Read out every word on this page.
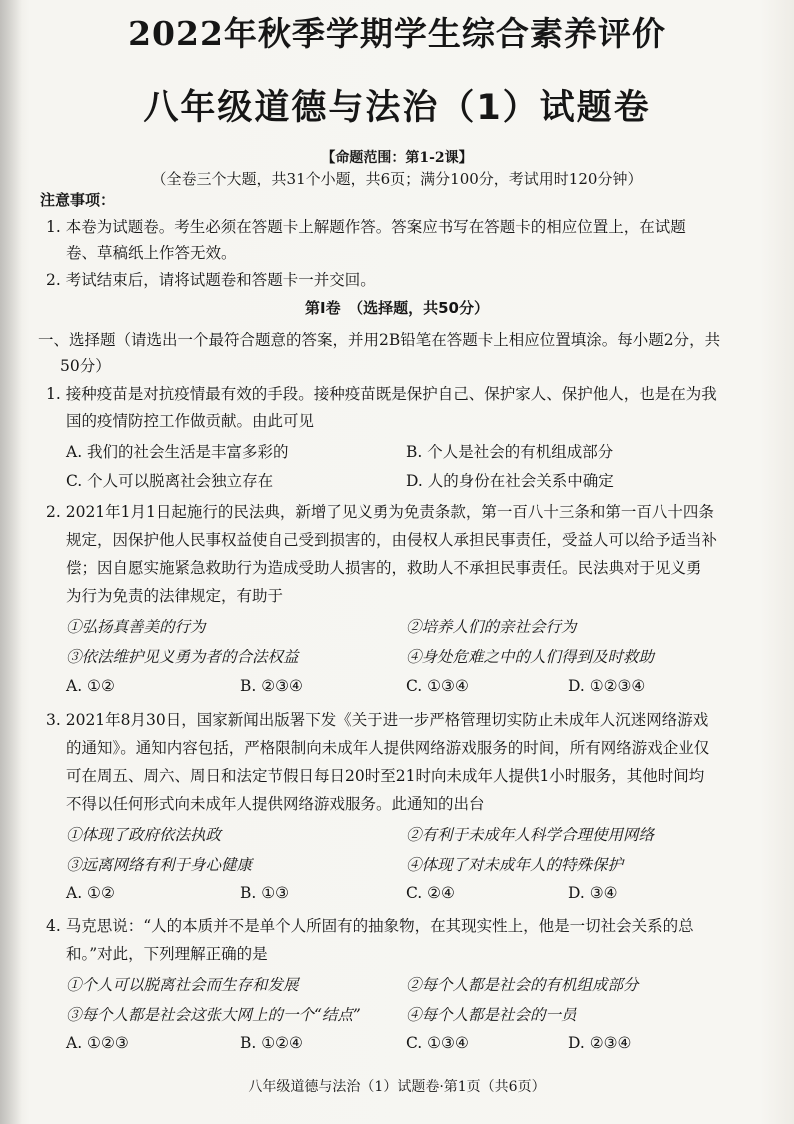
2022年秋季学期学生综合素养评价
八年级道德与法治（1）试题卷
【命题范围：第1-2课】
（全卷三个大题，共31个小题，共6页；满分100分，考试用时120分钟）
注意事项：
1. 本卷为试题卷。考生必须在答题卡上解题作答。答案应书写在答题卡的相应位置上，在试题
卷、草稿纸上作答无效。
2. 考试结束后，请将试题卷和答题卡一并交回。
第Ⅰ卷　（选择题，共50分）
一、选择题（请选出一个最符合题意的答案，并用2B铅笔在答题卡上相应位置填涂。每小题2分，共
50分）
1. 接种疫苗是对抗疫情最有效的手段。接种疫苗既是保护自己、保护家人、保护他人，也是在为我
国的疫情防控工作做贡献。由此可见
A. 我们的社会生活是丰富多彩的	B. 个人是社会的有机组成部分
C. 个人可以脱离社会独立存在	D. 人的身份在社会关系中确定
2. 2021年1月1日起施行的民法典，新增了见义勇为免责条款，第一百八十三条和第一百八十四条
规定，因保护他人民事权益使自己受到损害的，由侵权人承担民事责任，受益人可以给予适当补
偿；因自愿实施紧急救助行为造成受助人损害的，救助人不承担民事责任。民法典对于见义勇
为行为免责的法律规定，有助于
①弘扬真善美的行为	②培养人们的亲社会行为
③依法维护见义勇为者的合法权益	④身处危难之中的人们得到及时救助
A. ①②	B. ②③④	C. ①③④	D. ①②③④
3. 2021年8月30日，国家新闻出版署下发《关于进一步严格管理切实防止未成年人沉迷网络游戏
的通知》。通知内容包括，严格限制向未成年人提供网络游戏服务的时间，所有网络游戏企业仅
可在周五、周六、周日和法定节假日每日20时至21时向未成年人提供1小时服务，其他时间均
不得以任何形式向未成年人提供网络游戏服务。此通知的出台
①体现了政府依法执政	②有利于未成年人科学合理使用网络
③远离网络有利于身心健康	④体现了对未成年人的特殊保护
A. ①②	B. ①③	C. ②④	D. ③④
4. 马克思说：“人的本质并不是单个人所固有的抽象物，在其现实性上，他是一切社会关系的总
和。”对此，下列理解正确的是
①个人可以脱离社会而生存和发展	②每个人都是社会的有机组成部分
③每个人都是社会这张大网上的一个“结点”	④每个人都是社会的一员
A. ①②③	B. ①②④	C. ①③④	D. ②③④
八年级道德与法治（1）试题卷·第1页（共6页）
